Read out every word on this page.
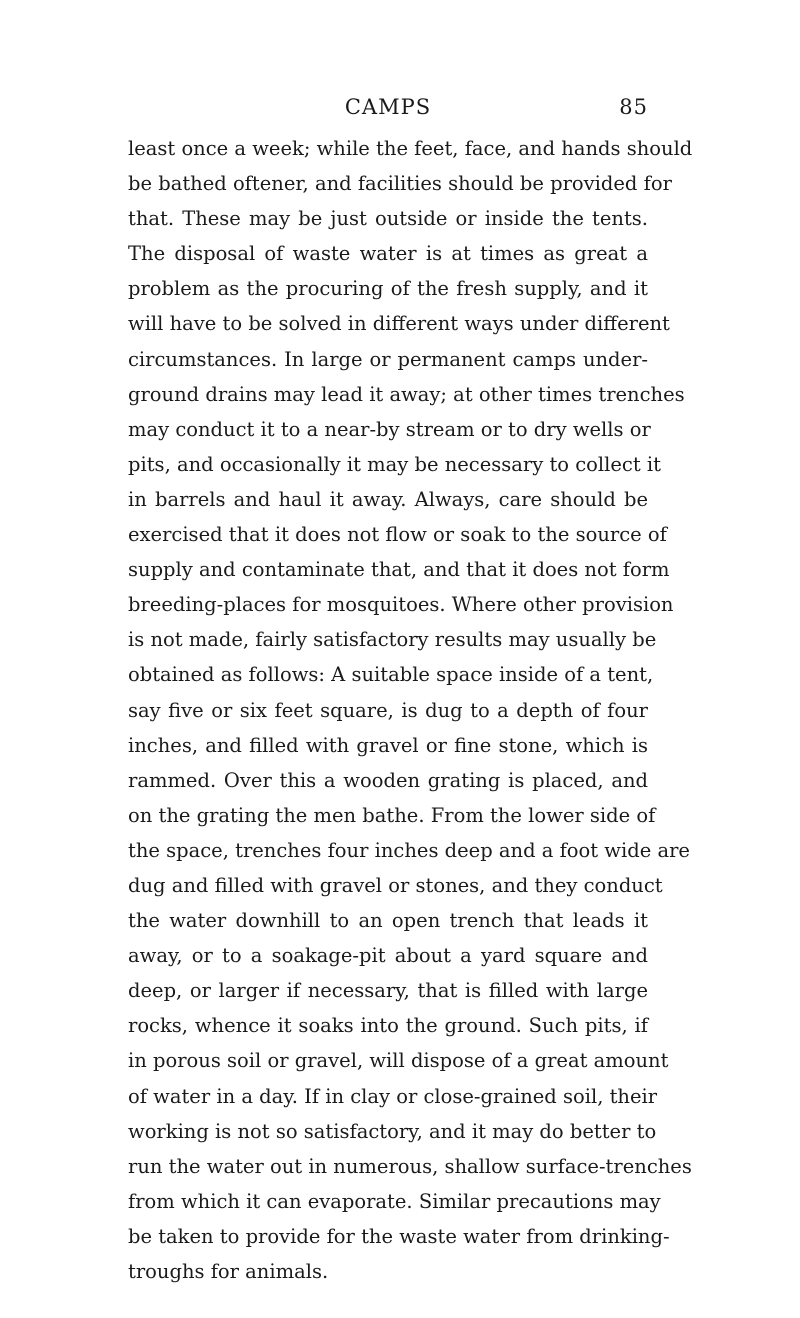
CAMPS	85

least once a week; while the feet, face, and hands should
be bathed oftener, and facilities should be provided for
that. These may be just outside or inside the tents.
The disposal of waste water is at times as great a
problem as the procuring of the fresh supply, and it
will have to be solved in different ways under different
circumstances. In large or permanent camps under-
ground drains may lead it away; at other times trenches
may conduct it to a near-by stream or to dry wells or
pits, and occasionally it may be necessary to collect it
in barrels and haul it away. Always, care should be
exercised that it does not flow or soak to the source of
supply and contaminate that, and that it does not form
breeding-places for mosquitoes. Where other provision
is not made, fairly satisfactory results may usually be
obtained as follows: A suitable space inside of a tent,
say five or six feet square, is dug to a depth of four
inches, and filled with gravel or fine stone, which is
rammed. Over this a wooden grating is placed, and
on the grating the men bathe. From the lower side of
the space, trenches four inches deep and a foot wide are
dug and filled with gravel or stones, and they conduct
the water downhill to an open trench that leads it
away, or to a soakage-pit about a yard square and
deep, or larger if necessary, that is filled with large
rocks, whence it soaks into the ground. Such pits, if
in porous soil or gravel, will dispose of a great amount
of water in a day. If in clay or close-grained soil, their
working is not so satisfactory, and it may do better to
run the water out in numerous, shallow surface-trenches
from which it can evaporate. Similar precautions may
be taken to provide for the waste water from drinking-
troughs for animals.
